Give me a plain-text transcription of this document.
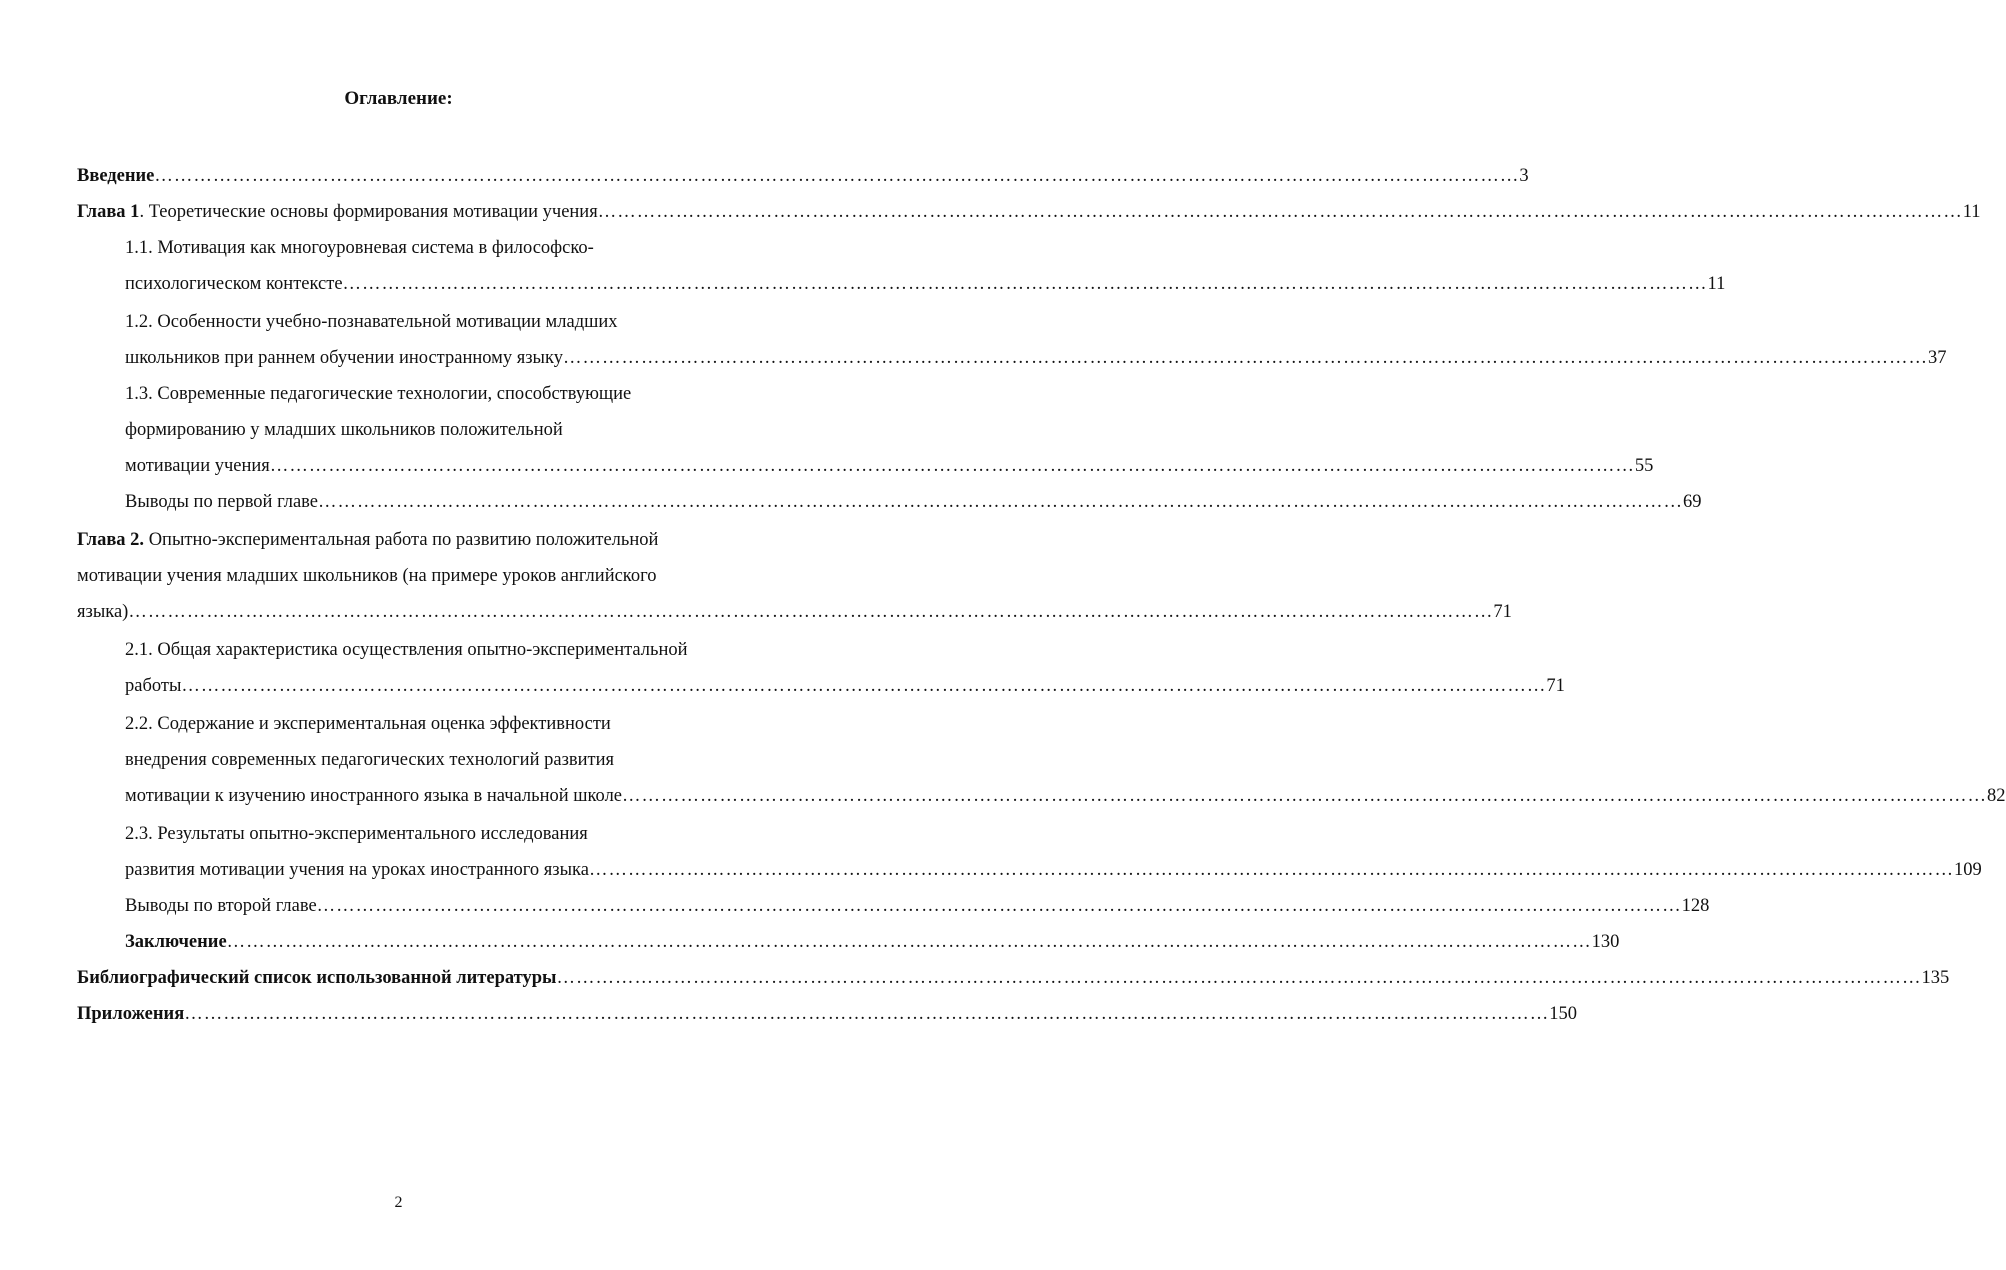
Оглавление:
Введение ………………………………………………………………………………………………………………………………………………………………………………………… 3
Глава 1. Теоретические основы формирования мотивации учения ………………………………………………………………………………………………………………………………………………………………………………………… 11
1.1. Мотивация как многоуровневая система в философско-
психологическом контексте ………………………………………………………………………………………………………………………………………………………………………………………… 11
1.2. Особенности учебно-познавательной мотивации младших
школьников при раннем обучении иностранному языку ………………………………………………………………………………………………………………………………………………………………………………………… 37
1.3. Современные педагогические технологии, способствующие
формированию у младших школьников положительной
мотивации учения ………………………………………………………………………………………………………………………………………………………………………………………… 55
Выводы по первой главе ………………………………………………………………………………………………………………………………………………………………………………………… 69
Глава 2. Опытно-экспериментальная работа по развитию положительной
мотивации учения младших школьников (на примере уроков английского
языка) ………………………………………………………………………………………………………………………………………………………………………………………… 71
2.1. Общая характеристика осуществления опытно-экспериментальной
работы ………………………………………………………………………………………………………………………………………………………………………………………… 71
2.2. Содержание и экспериментальная оценка эффективности
внедрения современных педагогических технологий развития
мотивации к изучению иностранного языка в начальной школе ………………………………………………………………………………………………………………………………………………………………………………………… 82
2.3. Результаты опытно-экспериментального исследования
развития мотивации учения на уроках иностранного языка ………………………………………………………………………………………………………………………………………………………………………………………… 109
Выводы по второй главе ………………………………………………………………………………………………………………………………………………………………………………………… 128
Заключение ………………………………………………………………………………………………………………………………………………………………………………………… 130
Библиографический список использованной литературы ………………………………………………………………………………………………………………………………………………………………………………………… 135
Приложения ………………………………………………………………………………………………………………………………………………………………………………………… 150
2
